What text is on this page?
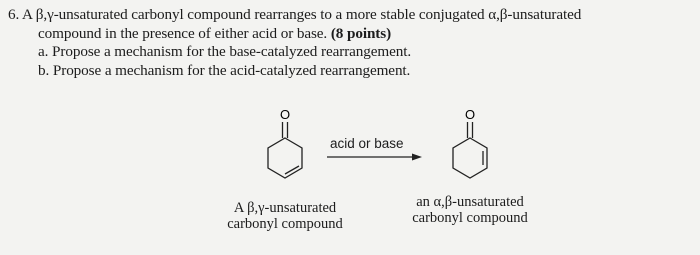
6. A β,γ-unsaturated carbonyl compound rearranges to a more stable conjugated α,β-unsaturated
compound in the presence of either acid or base. (8 points)
a. Propose a mechanism for the base-catalyzed rearrangement.
b. Propose a mechanism for the acid-catalyzed rearrangement.
O
acid or base
O
A β,γ-unsaturated
carbonyl compound
an α,β-unsaturated
carbonyl compound
